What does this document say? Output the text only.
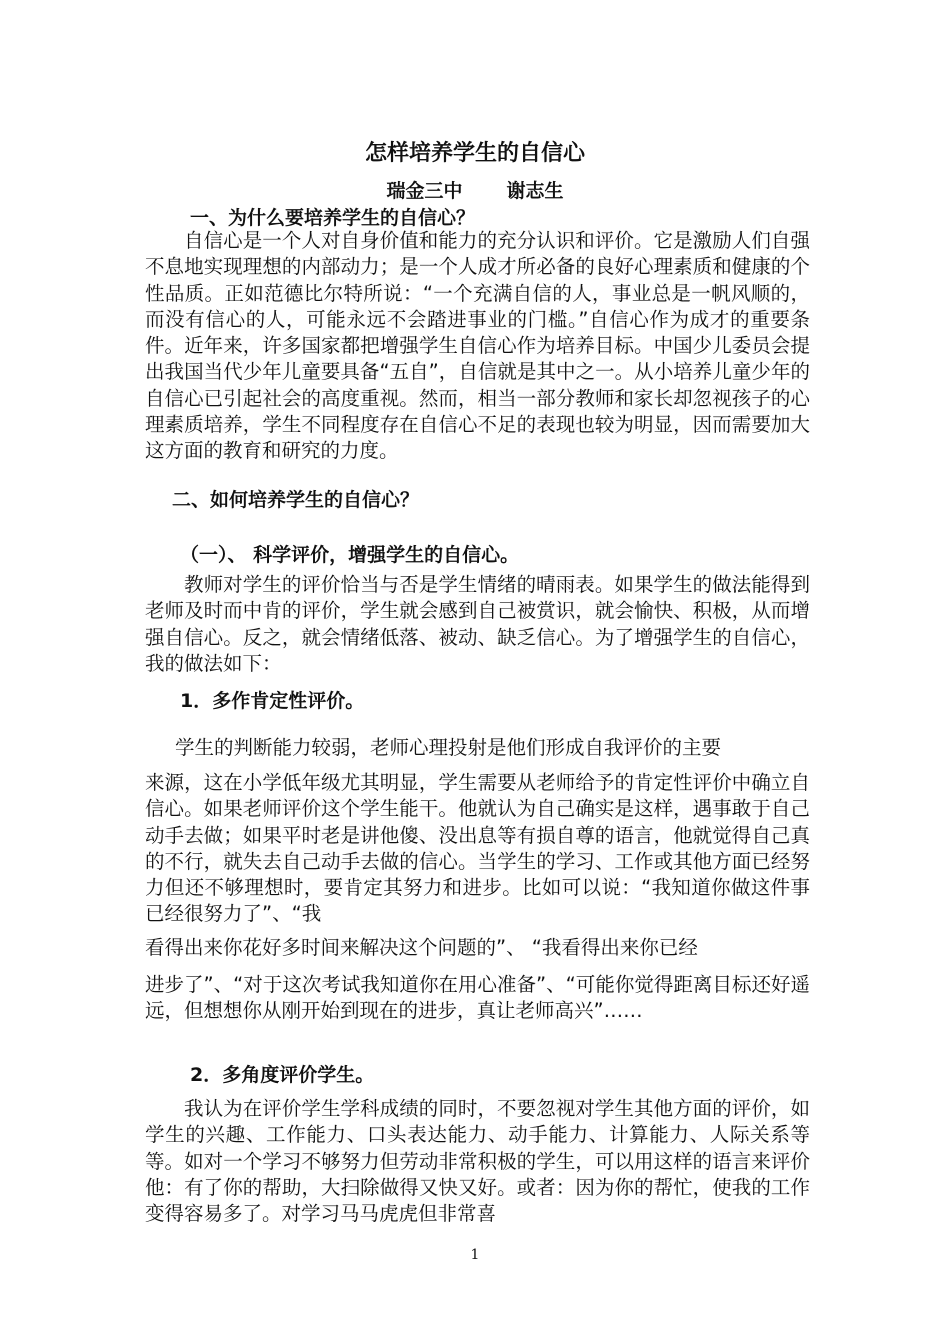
怎样培养学生的自信心
瑞金三中 谢志生
一、为什么要培养学生的自信心？

自信心是一个人对自身价值和能力的充分认识和评价。它是激励人们自强不息地实现理想的内部动力；是一个人成才所必备的良好心理素质和健康的个性品质。正如范德比尔特所说：“一个充满自信的人，事业总是一帆风顺的，而没有信心的人，可能永远不会踏进事业的门槛。”自信心作为成才的重要条件。近年来，许多国家都把增强学生自信心作为培养目标。中国少儿委员会提出我国当代少年儿童要具备“五自”，自信就是其中之一。从小培养儿童少年的自信心已引起社会的高度重视。然而，相当一部分教师和家长却忽视孩子的心理素质培养，学生不同程度存在自信心不足的表现也较为明显，因而需要加大这方面的教育和研究的力度。

二、如何培养学生的自信心？
（一）、 科学评价，增强学生的自信心。

教师对学生的评价恰当与否是学生情绪的晴雨表。如果学生的做法能得到老师及时而中肯的评价，学生就会感到自己被赏识，就会愉快、积极，从而增强自信心。反之，就会情绪低落、被动、缺乏信心。为了增强学生的自信心，我的做法如下：

1．多作肯定性评价。
学生的判断能力较弱，老师心理投射是他们形成自我评价的主要

来源，这在小学低年级尤其明显，学生需要从老师给予的肯定性评价中确立自信心。如果老师评价这个学生能干。他就认为自己确实是这样，遇事敢于自己动手去做；如果平时老是讲他傻、没出息等有损自尊的语言，他就觉得自己真的不行，就失去自己动手去做的信心。当学生的学习、工作或其他方面已经努力但还不够理想时，要肯定其努力和进步。比如可以说：“我知道你做这件事已经很努力了”、“我

看得出来你花好多时间来解决这个问题的”、 “我看得出来你已经

进步了”、“对于这次考试我知道你在用心准备”、“可能你觉得距离目标还好遥远，但想想你从刚开始到现在的进步，真让老师高兴”……

2．多角度评价学生。

我认为在评价学生学科成绩的同时，不要忽视对学生其他方面的评价，如学生的兴趣、工作能力、口头表达能力、动手能力、计算能力、人际关系等等。如对一个学习不够努力但劳动非常积极的学生，可以用这样的语言来评价他：有了你的帮助，大扫除做得又快又好。或者：因为你的帮忙，使我的工作变得容易多了。对学习马马虎虎但非常喜

1
